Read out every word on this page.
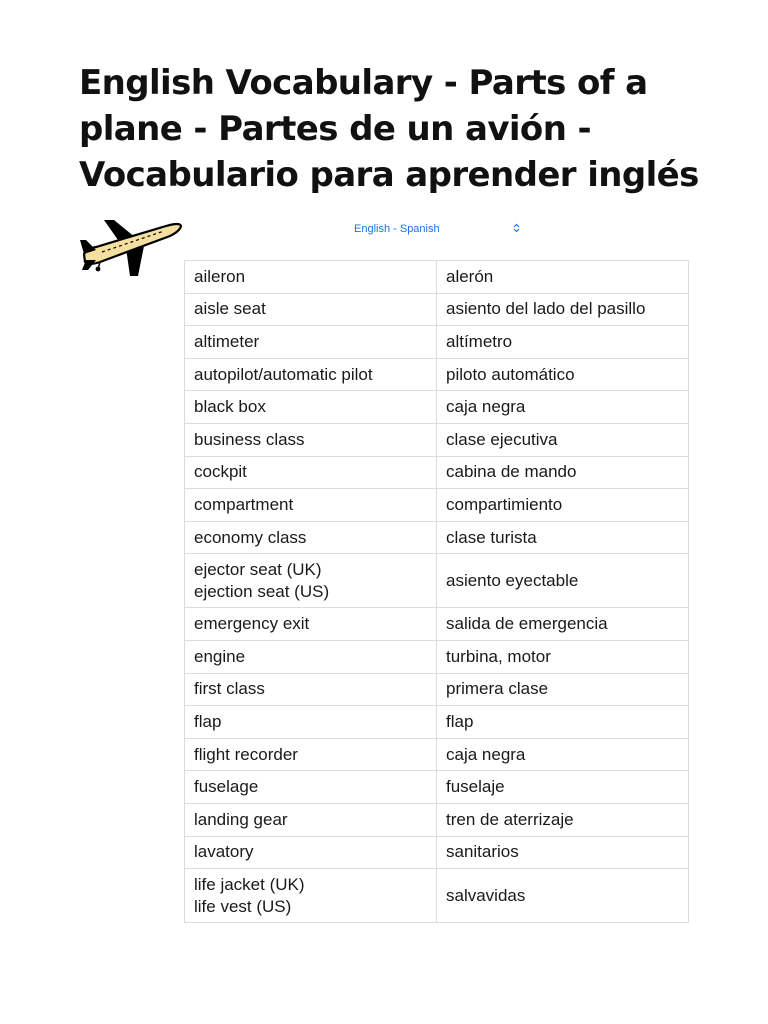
English Vocabulary - Parts of a plane - Partes de un avión - Vocabulario para aprender inglés
English - Spanish
aileron	alerón

aisle seat	asiento del lado del pasillo

altimeter	altímetro

autopilot/automatic pilot	piloto automático

black box	caja negra

business class	clase ejecutiva

cockpit	cabina de mando

compartment	compartimiento

economy class	clase turista

ejector seat (UK)
ejection seat (US)	asiento eyectable

emergency exit	salida de emergencia

engine	turbina, motor

first class	primera clase

flap	flap

flight recorder	caja negra

fuselage	fuselaje

landing gear	tren de aterrizaje

lavatory	sanitarios

life jacket (UK)
life vest (US)	salvavidas
